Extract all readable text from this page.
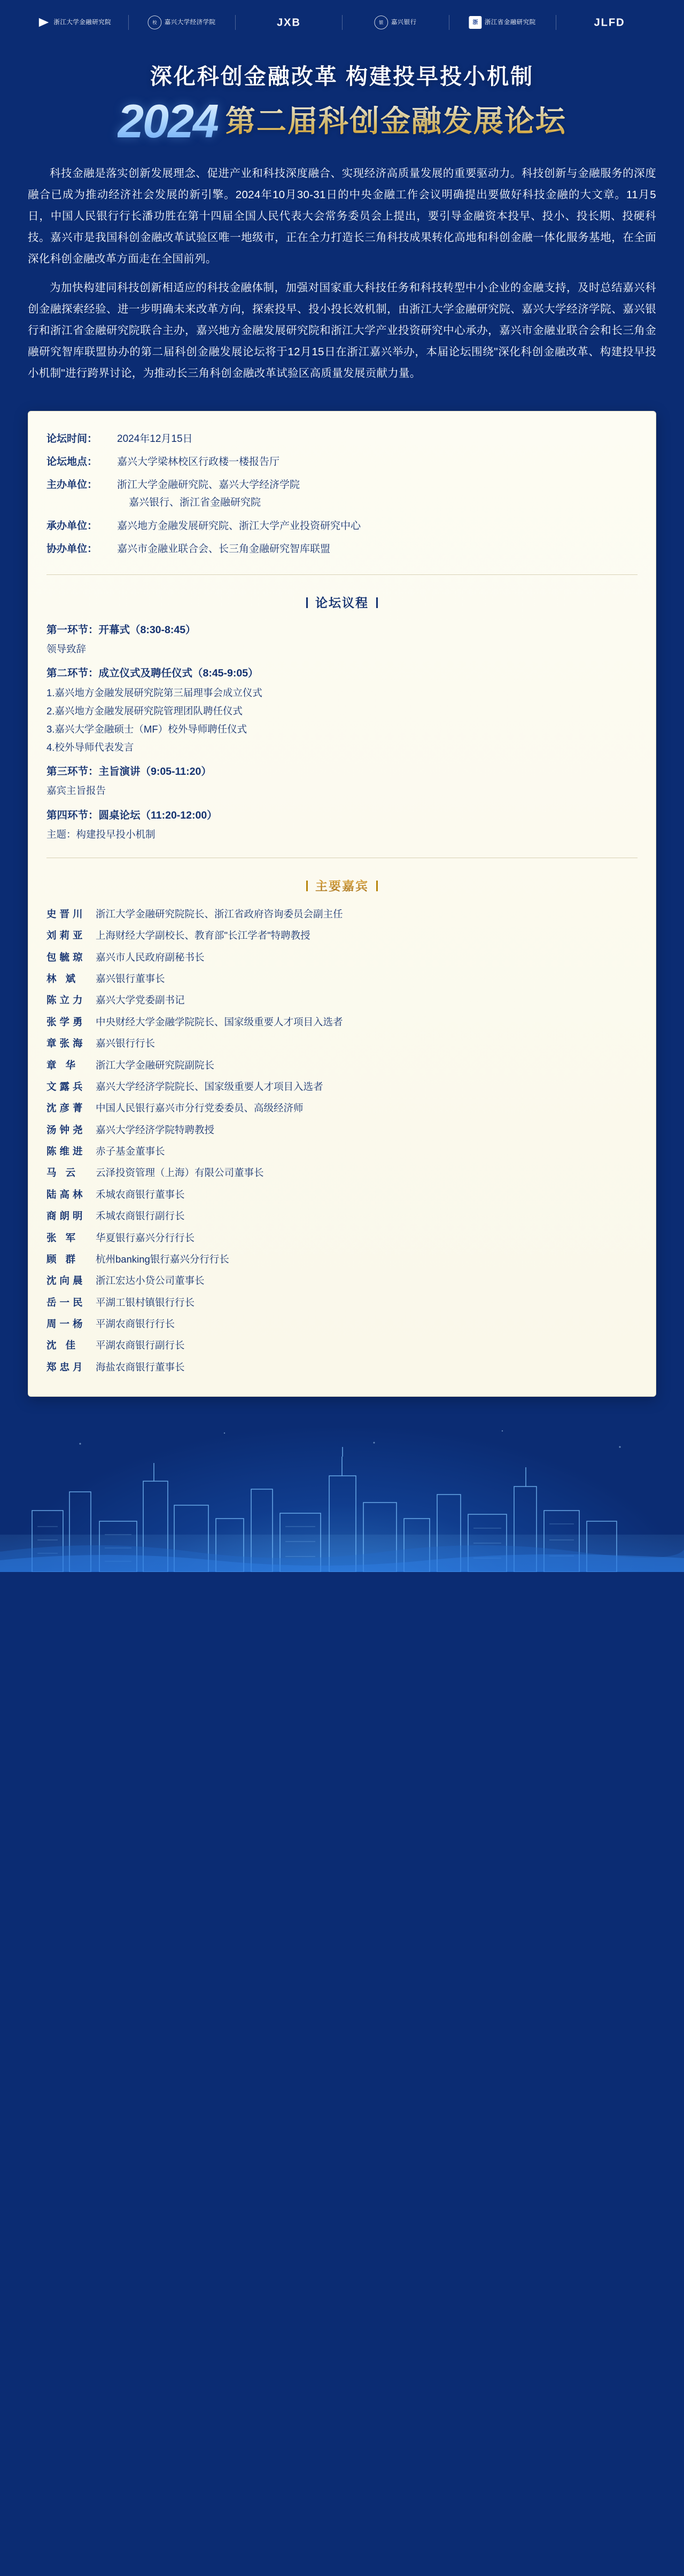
浙江大学金融研究院	校	嘉兴大学经济学院	JXB	银	嘉兴银行	浙 浙江省金融研究院	JLFD
深化科创金融改革 构建投早投小机制
2024 第二届科创金融发展论坛

科技金融是落实创新发展理念、促进产业和科技深度融合、实现经济高质量发展的重要驱动力。科技创新与金融服务的深度融合已成为推动经济社会发展的新引擎。2024年10月30-31日的中央金融工作会议明确提出要做好科技金融的大文章。11月5日，中国人民银行行长潘功胜在第十四届全国人民代表大会常务委员会上提出，要引导金融资本投早、投小、投长期、投硬科技。嘉兴市是我国科创金融改革试验区唯一地级市，正在全力打造长三角科技成果转化高地和科创金融一体化服务基地，在全面深化科创金融改革方面走在全国前列。

为加快构建同科技创新相适应的科技金融体制，加强对国家重大科技任务和科技转型中小企业的金融支持，及时总结嘉兴科创金融探索经验、进一步明确未来改革方向，探索投早、投小投长效机制，由浙江大学金融研究院、嘉兴大学经济学院、嘉兴银行和浙江省金融研究院联合主办，嘉兴地方金融发展研究院和浙江大学产业投资研究中心承办，嘉兴市金融业联合会和长三角金融研究智库联盟协办的第二届科创金融发展论坛将于12月15日在浙江嘉兴举办，本届论坛围绕"深化科创金融改革、构建投早投小机制"进行跨界讨论，为推动长三角科创金融改革试验区高质量发展贡献力量。

论坛时间：	2024年12月15日
论坛地点：	嘉兴大学梁林校区行政楼一楼报告厅
主办单位：	浙江大学金融研究院、嘉兴大学经济学院
嘉兴银行、浙江省金融研究院

承办单位：	嘉兴地方金融发展研究院、浙江大学产业投资研究中心
协办单位：	嘉兴市金融业联合会、长三角金融研究智库联盟
论坛议程
第一环节：开幕式（8:30-8:45）
领导致辞
第二环节：成立仪式及聘任仪式（8:45-9:05）
1.嘉兴地方金融发展研究院第三届理事会成立仪式
2.嘉兴地方金融发展研究院管理团队聘任仪式
3.嘉兴大学金融硕士（MF）校外导师聘任仪式
4.校外导师代表发言
第三环节：主旨演讲（9:05-11:20）
嘉宾主旨报告
第四环节：圆桌论坛（11:20-12:00）
主题：构建投早投小机制
主要嘉宾
史晋川 浙江大学金融研究院院长、浙江省政府咨询委员会副主任
刘莉亚 上海财经大学副校长、教育部"长江学者"特聘教授
包毓琼 嘉兴市人民政府副秘书长
林 斌	嘉兴银行董事长
陈立力 嘉兴大学党委副书记
张学勇 中央财经大学金融学院院长、国家级重要人才项目入选者
章张海 嘉兴银行行长
章 华	浙江大学金融研究院副院长
文露兵 嘉兴大学经济学院院长、国家级重要人才项目入选者
沈彦菁 中国人民银行嘉兴市分行党委委员、高级经济师
汤钟尧 嘉兴大学经济学院特聘教授
陈维进 赤子基金董事长
马 云	云泽投资管理（上海）有限公司董事长
陆高林 禾城农商银行董事长
商朗明 禾城农商银行副行长
张 军	华夏银行嘉兴分行行长
顾 群	杭州banking银行嘉兴分行行长
沈向晨 浙江宏达小贷公司董事长
岳一民 平湖工银村镇银行行长
周一杨 平湖农商银行行长
沈 佳	平湖农商银行副行长
郑忠月 海盐农商银行董事长
